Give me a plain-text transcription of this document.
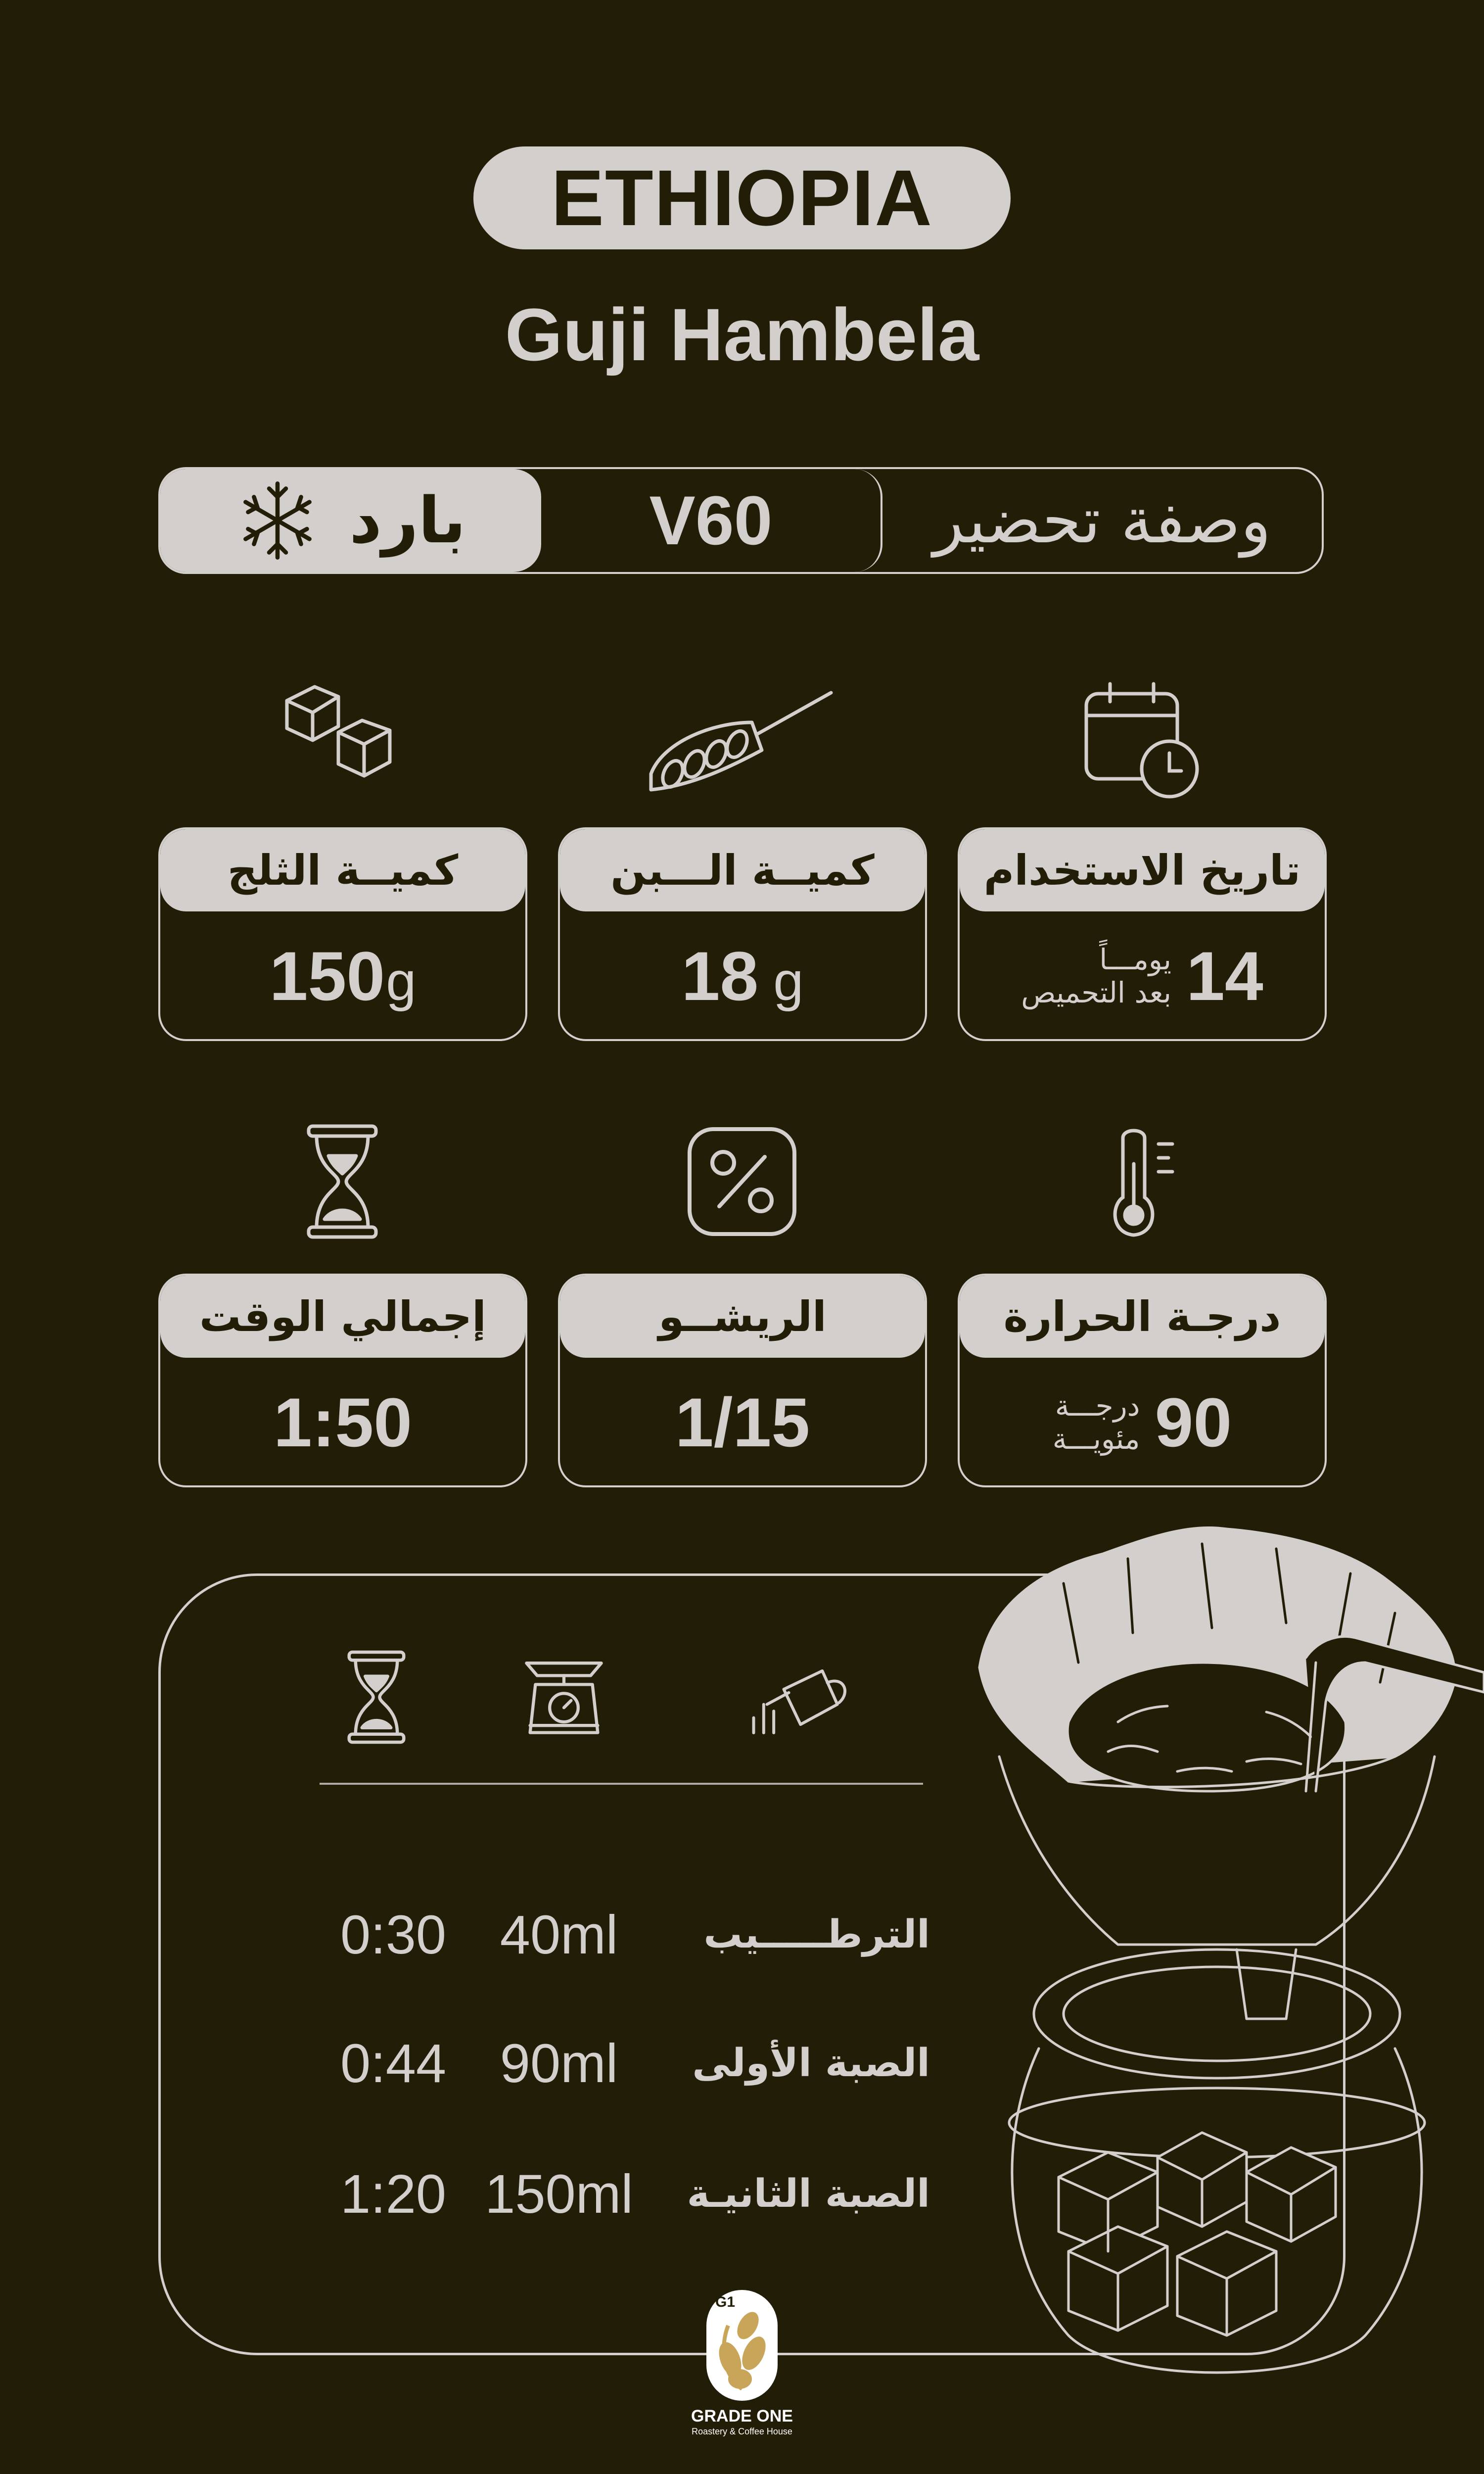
ETHIOPIA
Guji Hambela
بارد	V60	وصفة تحضير
كميــة الثلج
150 g
كميــة الـــبن
18 g
تاريخ الاستخدام
يومـــاً
بعد التحميص 14
إجمالي الوقت
1:50
الريشــو
1/15
درجـة الحرارة
درجـــة
مئويـــة 90
0:30 40ml	الترطـــــيب
0:44 90ml	الصبة الأولى
1:20 150ml	الصبة الثانيـة
G1
GRADE ONE
Roastery & Coffee House
